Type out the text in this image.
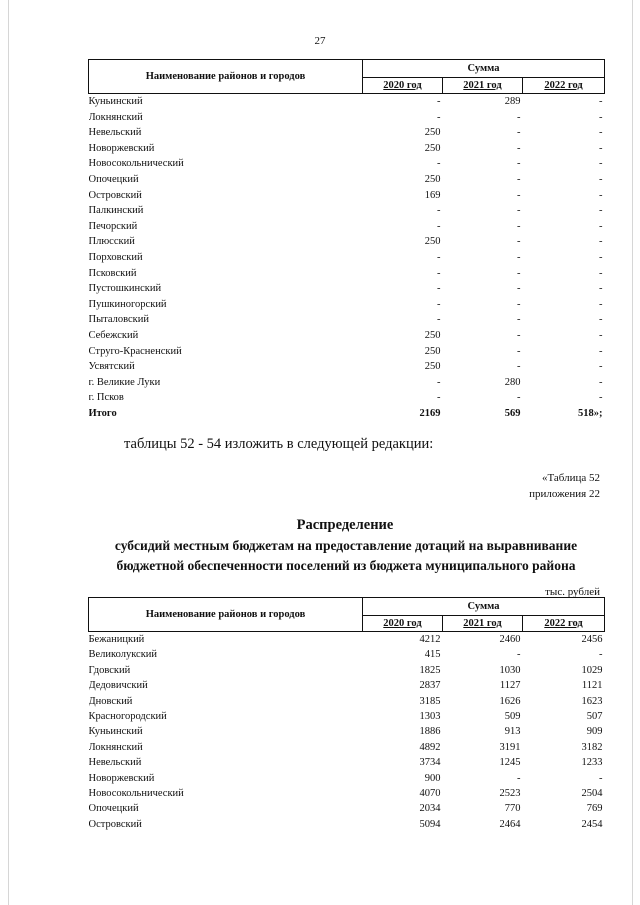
27
Наименование районов и городов	Сумма		
	2020 год	2021 год	2022 год
Куньинский	-	289	-
Локнянский	-	-	-
Невельский	250	-	-
Новоржевский	250	-	-
Новосокольнический	-	-	-
Опочецкий	250	-	-
Островский	169	-	-
Палкинский	-	-	-
Печорский	-	-	-
Плюсский	250	-	-
Порховский	-	-	-
Псковский	-	-	-
Пустошкинский	-	-	-
Пушкиногорский	-	-	-
Пыталовский	-	-	-
Себежский	250	-	-
Струго-Красненский	250	-	-
Усвятский	250	-	-
г. Великие Луки	-	280	-
г. Псков	-	-	-
Итого	2169	569	518»;
таблицы 52 - 54 изложить в следующей редакции:
«Таблица 52
приложения 22
Распределение
субсидий местным бюджетам на предоставление дотаций на выравнивание бюджетной обеспеченности поселений из бюджета муниципального района
тыс. рублей
Наименование районов и городов	Сумма		
	2020 год	2021 год	2022 год
Бежаницкий	4212	2460	2456
Великолукский	415	-	-
Гдовский	1825	1030	1029
Дедовичский	2837	1127	1121
Дновский	3185	1626	1623
Красногородский	1303	509	507
Куньинский	1886	913	909
Локнянский	4892	3191	3182
Невельский	3734	1245	1233
Новоржевский	900	-	-
Новосокольнический	4070	2523	2504
Опочецкий	2034	770	769
Островский	5094	2464	2454
